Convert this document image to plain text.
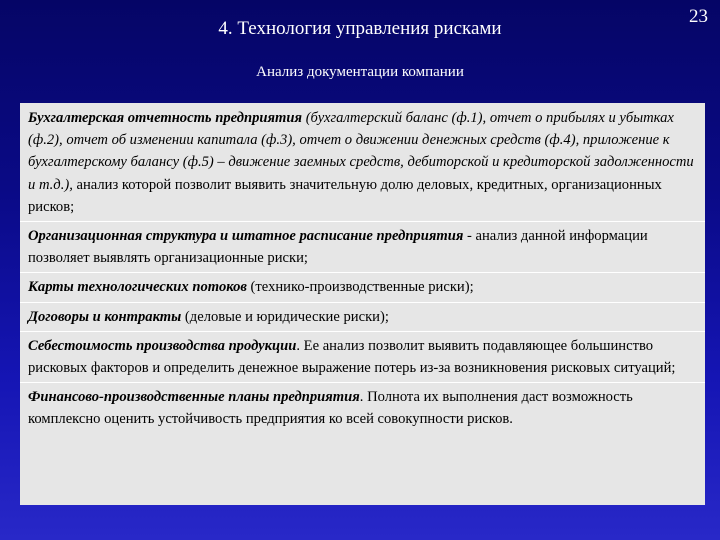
23
4. Технология управления рисками
Анализ документации компании

Бухгалтерская отчетность предприятия (бухгалтерский баланс (ф.1), отчет о прибылях и убытках (ф.2), отчет об изменении капитала (ф.3), отчет о движении денежных средств (ф.4), приложение к бухгалтерскому балансу (ф.5) – движение заемных средств, дебиторской и кредиторской задолженности и т.д.), анализ которой позволит выявить значительную долю деловых, кредитных, организационных рисков;

Организационная структура и штатное расписание предприятия - анализ данной информации позволяет выявлять организационные риски;

Карты технологических потоков (технико-производственные риски);

Договоры и контракты (деловые и юридические риски);

Себестоимость производства продукции. Ее анализ позволит выявить подавляющее большинство рисковых факторов и определить денежное выражение потерь из-за возникновения рисковых ситуаций;

Финансово-производственные планы предприятия. Полнота их выполнения даст возможность комплексно оценить устойчивость предприятия ко всей совокупности рисков.
